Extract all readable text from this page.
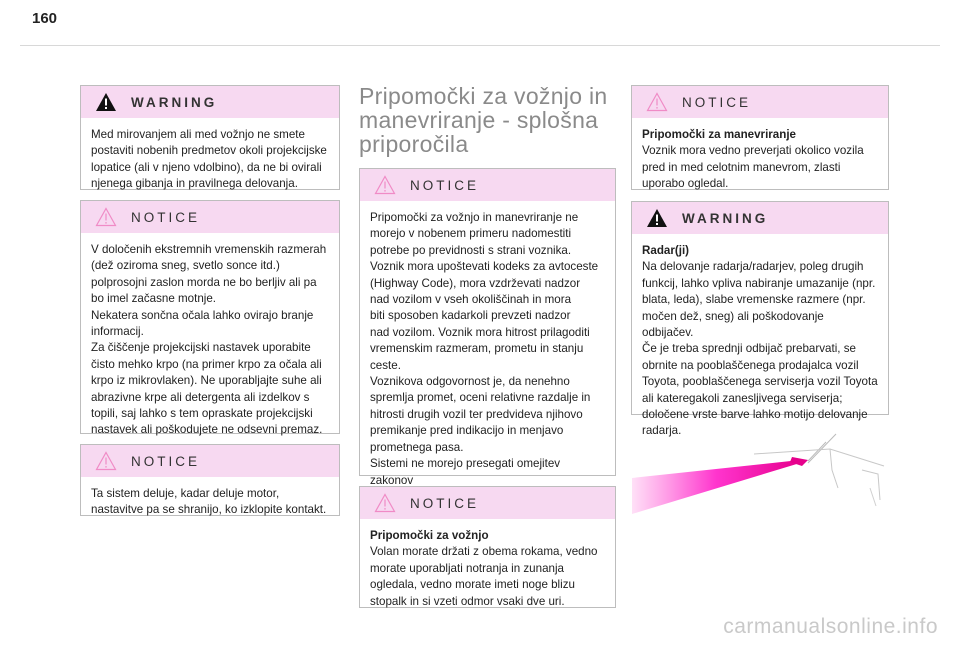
160
WARNING

Med mirovanjem ali med vožnjo ne smete
postaviti nobenih predmetov okoli projekcijske
lopatice (ali v njeno vdolbino), da ne bi ovirali
njenega gibanja in pravilnega delovanja.

NOTICE

V določenih ekstremnih vremenskih razmerah
(dež oziroma sneg, svetlo sonce itd.)
polprosojni zaslon morda ne bo berljiv ali pa
bo imel začasne motnje.
Nekatera sončna očala lahko ovirajo branje
informacij.
Za čiščenje projekcijski nastavek uporabite
čisto mehko krpo (na primer krpo za očala ali
krpo iz mikrovlaken). Ne uporabljajte suhe ali
abrazivne krpe ali detergenta ali izdelkov s
topili, saj lahko s tem opraskate projekcijski
nastavek ali poškodujete ne odsevni premaz.

NOTICE

Ta sistem deluje, kadar deluje motor,
nastavitve pa se shranijo, ko izklopite kontakt.

Pripomočki za vožnjo in manevriranje - splošna priporočila
NOTICE

Pripomočki za vožnjo in manevriranje ne
morejo v nobenem primeru nadomestiti
potrebe po previdnosti s strani voznika.
Voznik mora upoštevati kodeks za avtoceste
(Highway Code), mora vzdrževati nadzor
nad vozilom v vseh okoliščinah in mora
biti sposoben kadarkoli prevzeti nadzor
nad vozilom. Voznik mora hitrost prilagoditi
vremenskim razmeram, prometu in stanju
ceste.
Voznikova odgovornost je, da nenehno
spremlja promet, oceni relativne razdalje in
hitrosti drugih vozil ter predvideva njihovo
premikanje pred indikacijo in menjavo
prometnega pasa.
Sistemi ne morejo presegati omejitev zakonov

NOTICE

Pripomočki za vožnjo

Volan morate držati z obema rokama, vedno
morate uporabljati notranja in zunanja
ogledala, vedno morate imeti noge blizu
stopalk in si vzeti odmor vsaki dve uri.

NOTICE

Pripomočki za manevriranje

Voznik mora vedno preverjati okolico vozila
pred in med celotnim manevrom, zlasti
uporabo ogledal.

WARNING

Radar(ji)

Na delovanje radarja/radarjev, poleg drugih
funkcij, lahko vpliva nabiranje umazanije (npr.
blata, leda), slabe vremenske razmere (npr.
močen dež, sneg) ali poškodovanje odbijačev.
Če je treba sprednji odbijač prebarvati, se
obrnite na pooblaščenega prodajalca vozil
Toyota, pooblaščenega serviserja vozil Toyota
ali kateregakoli zanesljivega serviserja;
določene vrste barve lahko motijo delovanje
radarja.

carmanualsonline.info
